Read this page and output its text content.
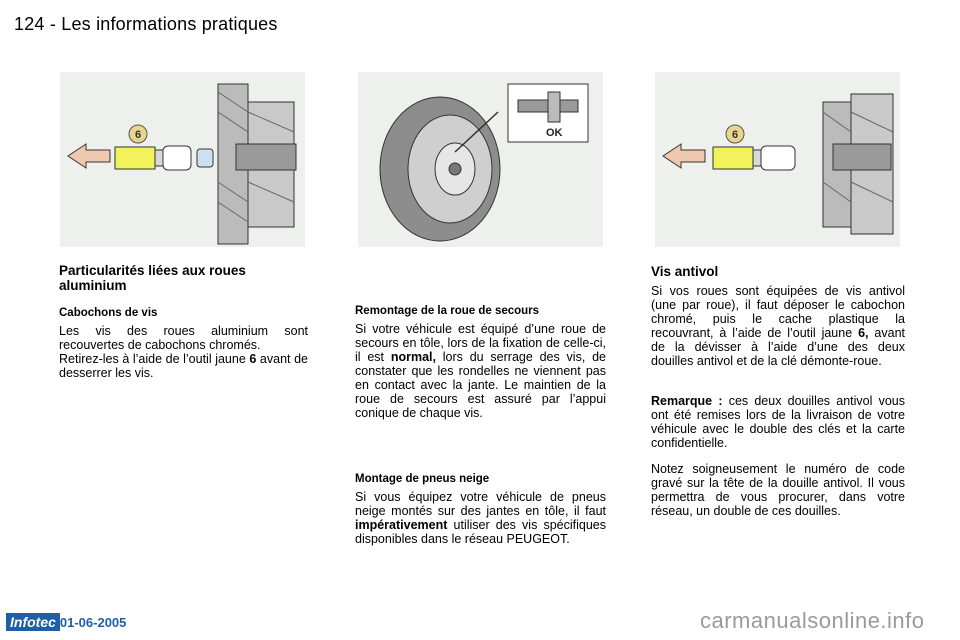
124 - Les informations pratiques
6	OK	6
Particularités liées aux roues aluminium
Cabochons de vis
Les vis des roues aluminium sont recouvertes de cabochons chromés.
Retirez-les à l’aide de l’outil jaune 6 avant de desserrer les vis.
Remontage de la roue de secours
Si votre véhicule est équipé d’une roue de secours en tôle, lors de la fixation de celle-ci, il est normal, lors du serrage des vis, de constater que les rondelles ne viennent pas en contact avec la jante. Le maintien de la roue de secours est assuré par l’appui conique de chaque vis.
Montage de pneus neige
Si vous équipez votre véhicule de pneus neige montés sur des jantes en tôle, il faut impérativement utiliser des vis spécifiques disponibles dans le réseau PEUGEOT.
Vis antivol
Si vos roues sont équipées de vis antivol (une par roue), il faut déposer le cabochon chromé, puis le cache plastique la recouvrant, à l’aide de l’outil jaune 6, avant de la dévisser à l’aide d’une des deux douilles antivol et de la clé démonte-roue.
Remarque : ces deux douilles antivol vous ont été remises lors de la livraison de votre véhicule avec le double des clés et la carte confidentielle.
Notez soigneusement le numéro de code gravé sur la tête de la douille antivol. Il vous permettra de vous procurer, dans votre réseau, un double de ces douilles.
Infotec 01-06-2005	carmanualsonline.info
